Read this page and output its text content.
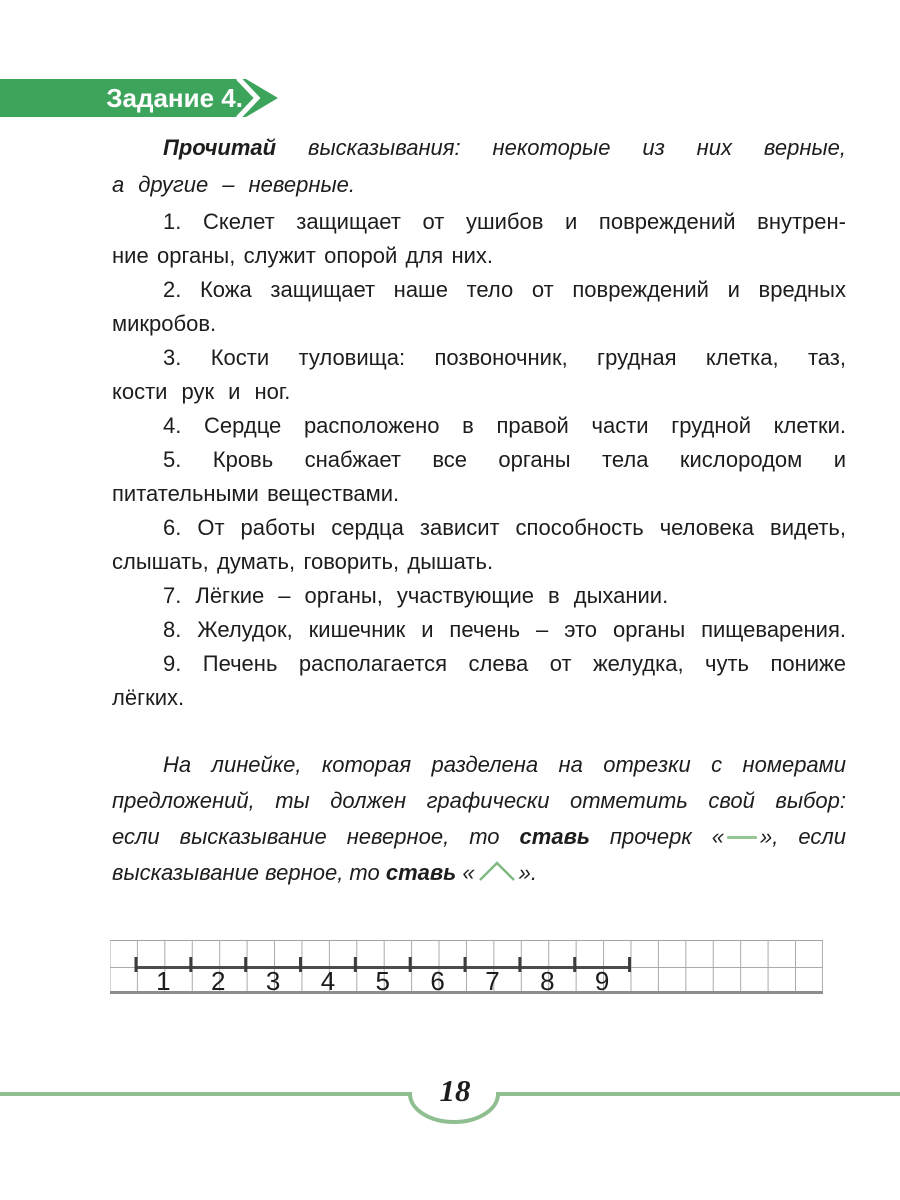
Задание 4.
Прочитай высказывания: некоторые из них верные,
а другие – неверные.
1. Скелет защищает от ушибов и повреждений внутрен-
ние органы, служит опорой для них.
2. Кожа защищает наше тело от повреждений и вредных
микробов.
3. Кости туловища: позвоночник, грудная клетка, таз,
кости рук и ног.
4. Сердце расположено в правой части грудной клетки.
5. Кровь снабжает все органы тела кислородом и
питательными веществами.
6. От работы сердца зависит способность человека видеть,
слышать, думать, говорить, дышать.
7. Лёгкие – органы, участвующие в дыхании.
8. Желудок, кишечник и печень – это органы пищеварения.
9. Печень располагается слева от желудка, чуть пониже
лёгких.
На линейке, которая разделена на отрезки с номерами
предложений, ты должен графически отметить свой выбор:
если высказывание неверное, то ставь прочерк « », если
высказывание верное, то ставь « ».
1 2 3 4 5 6 7 8 9
18
